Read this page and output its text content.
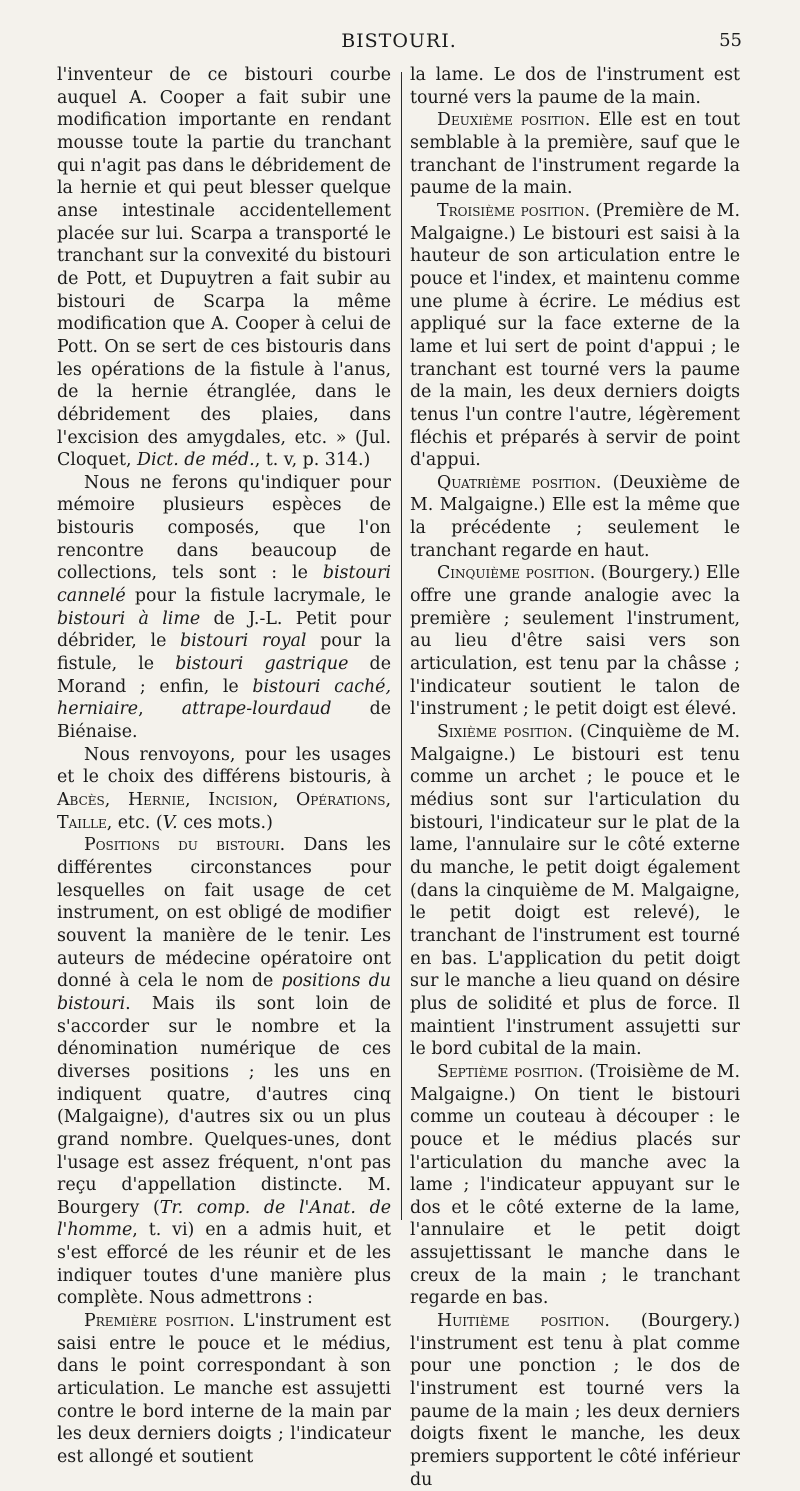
BISTOURI.	55

l'inventeur de ce bistouri courbe auquel A. Cooper a fait subir une modification importante en rendant mousse toute la partie du tranchant qui n'agit pas dans le débridement de la hernie et qui peut blesser quelque anse intestinale accidentellement placée sur lui. Scarpa a transporté le tranchant sur la convexité du bistouri de Pott, et Dupuytren a fait subir au bistouri de Scarpa la même modification que A. Cooper à celui de Pott. On se sert de ces bistouris dans les opérations de la fistule à l'anus, de la hernie étranglée, dans le débridement des plaies, dans l'excision des amygdales, etc. » (Jul. Cloquet, Dict. de méd., t. v, p. 314.)

Nous ne ferons qu'indiquer pour mémoire plusieurs espèces de bistouris composés, que l'on rencontre dans beaucoup de collections, tels sont : le bistouri cannelé pour la fistule lacrymale, le bistouri à lime de J.-L. Petit pour débrider, le bistouri royal pour la fistule, le bistouri gastrique de Morand ; enfin, le bistouri caché, herniaire, attrape-lourdaud de Biénaise.

Nous renvoyons, pour les usages et le choix des différens bistouris, à Abcès, Hernie, Incision, Opérations, Taille, etc. (V. ces mots.)

Positions du bistouri. Dans les différentes circonstances pour lesquelles on fait usage de cet instrument, on est obligé de modifier souvent la manière de le tenir. Les auteurs de médecine opératoire ont donné à cela le nom de positions du bistouri. Mais ils sont loin de s'accorder sur le nombre et la dénomination numérique de ces diverses positions ; les uns en indiquent quatre, d'autres cinq (Malgaigne), d'autres six ou un plus grand nombre. Quelques-unes, dont l'usage est assez fréquent, n'ont pas reçu d'appellation distincte. M. Bourgery (Tr. comp. de l'Anat. de l'homme, t. vi) en a admis huit, et s'est efforcé de les réunir et de les indiquer toutes d'une manière plus complète. Nous admettrons :

Première position. L'instrument est saisi entre le pouce et le médius, dans le point correspondant à son articulation. Le manche est assujetti contre le bord interne de la main par les deux derniers doigts ; l'indicateur est allongé et soutient

la lame. Le dos de l'instrument est tourné vers la paume de la main.

Deuxième position. Elle est en tout semblable à la première, sauf que le tranchant de l'instrument regarde la paume de la main.

Troisième position. (Première de M. Malgaigne.) Le bistouri est saisi à la hauteur de son articulation entre le pouce et l'index, et maintenu comme une plume à écrire. Le médius est appliqué sur la face externe de la lame et lui sert de point d'appui ; le tranchant est tourné vers la paume de la main, les deux derniers doigts tenus l'un contre l'autre, légèrement fléchis et préparés à servir de point d'appui.

Quatrième position. (Deuxième de M. Malgaigne.) Elle est la même que la précédente ; seulement le tranchant regarde en haut.

Cinquième position. (Bourgery.) Elle offre une grande analogie avec la première ; seulement l'instrument, au lieu d'être saisi vers son articulation, est tenu par la châsse ; l'indicateur soutient le talon de l'instrument ; le petit doigt est élevé.

Sixième position. (Cinquième de M. Malgaigne.) Le bistouri est tenu comme un archet ; le pouce et le médius sont sur l'articulation du bistouri, l'indicateur sur le plat de la lame, l'annulaire sur le côté externe du manche, le petit doigt également (dans la cinquième de M. Malgaigne, le petit doigt est relevé), le tranchant de l'instrument est tourné en bas. L'application du petit doigt sur le manche a lieu quand on désire plus de solidité et plus de force. Il maintient l'instrument assujetti sur le bord cubital de la main.

Septième position. (Troisième de M. Malgaigne.) On tient le bistouri comme un couteau à découper : le pouce et le médius placés sur l'articulation du manche avec la lame ; l'indicateur appuyant sur le dos et le côté externe de la lame, l'annulaire et le petit doigt assujettissant le manche dans le creux de la main ; le tranchant regarde en bas.

Huitième position. (Bourgery.) l'instrument est tenu à plat comme pour une ponction ; le dos de l'instrument est tourné vers la paume de la main ; les deux derniers doigts fixent le manche, les deux premiers supportent le côté inférieur du
